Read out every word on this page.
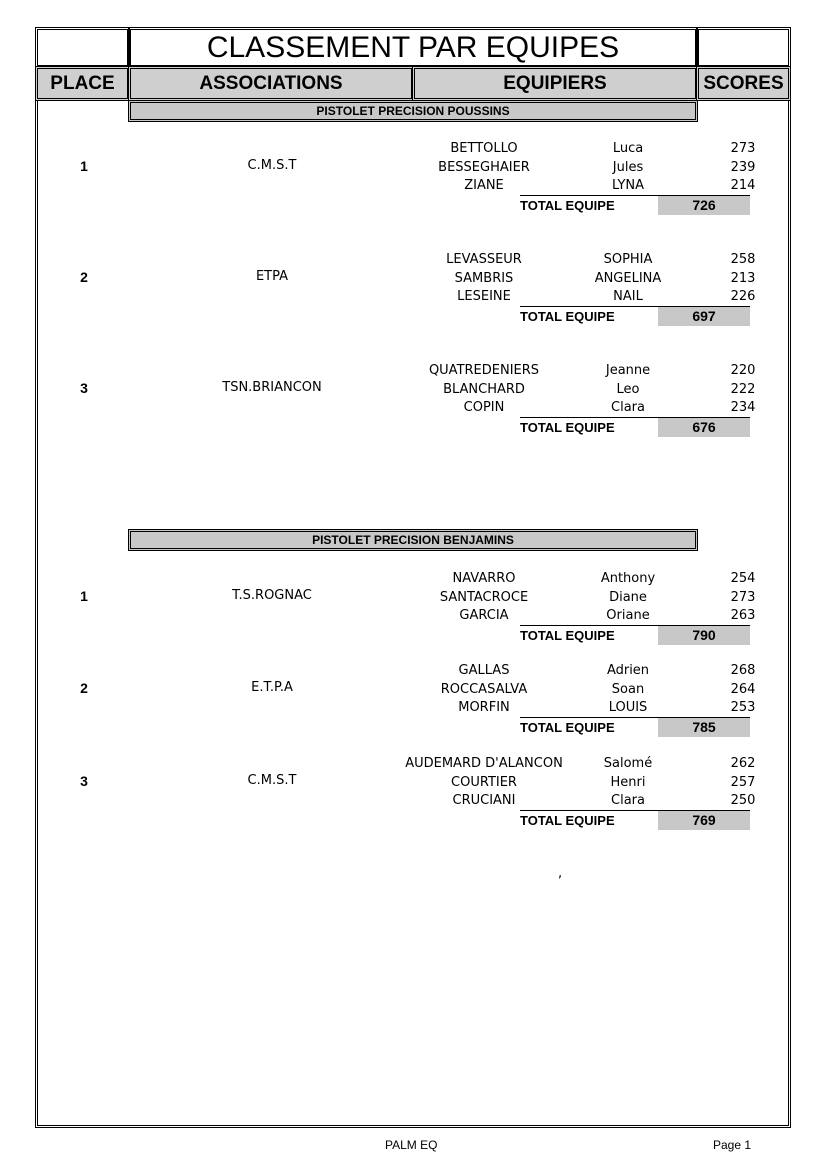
CLASSEMENT PAR EQUIPES
PLACE	ASSOCIATIONS	EQUIPIERS	SCORES
PISTOLET PRECISION POUSSINS
1	C.M.S.T
BETTOLLO	Luca	273
BESSEGHAIER	Jules	239
ZIANE	LYNA	214
TOTAL EQUIPE	726
2	ETPA
LEVASSEUR	SOPHIA	258
SAMBRIS	ANGELINA	213
LESEINE	NAIL	226
TOTAL EQUIPE	697
3	TSN.BRIANCON
QUATREDENIERS	Jeanne	220
BLANCHARD	Leo	222
COPIN	Clara	234
TOTAL EQUIPE	676
PISTOLET PRECISION BENJAMINS
1	T.S.ROGNAC
NAVARRO	Anthony	254
SANTACROCE	Diane	273
GARCIA	Oriane	263
TOTAL EQUIPE	790
2	E.T.P.A
GALLAS	Adrien	268
ROCCASALVA	Soan	264
MORFIN	LOUIS	253
TOTAL EQUIPE	785
3	C.M.S.T
AUDEMARD D'ALANCON	Salomé	262
COURTIER	Henri	257
CRUCIANI	Clara	250
TOTAL EQUIPE	769
,
PALM EQ	Page 1
